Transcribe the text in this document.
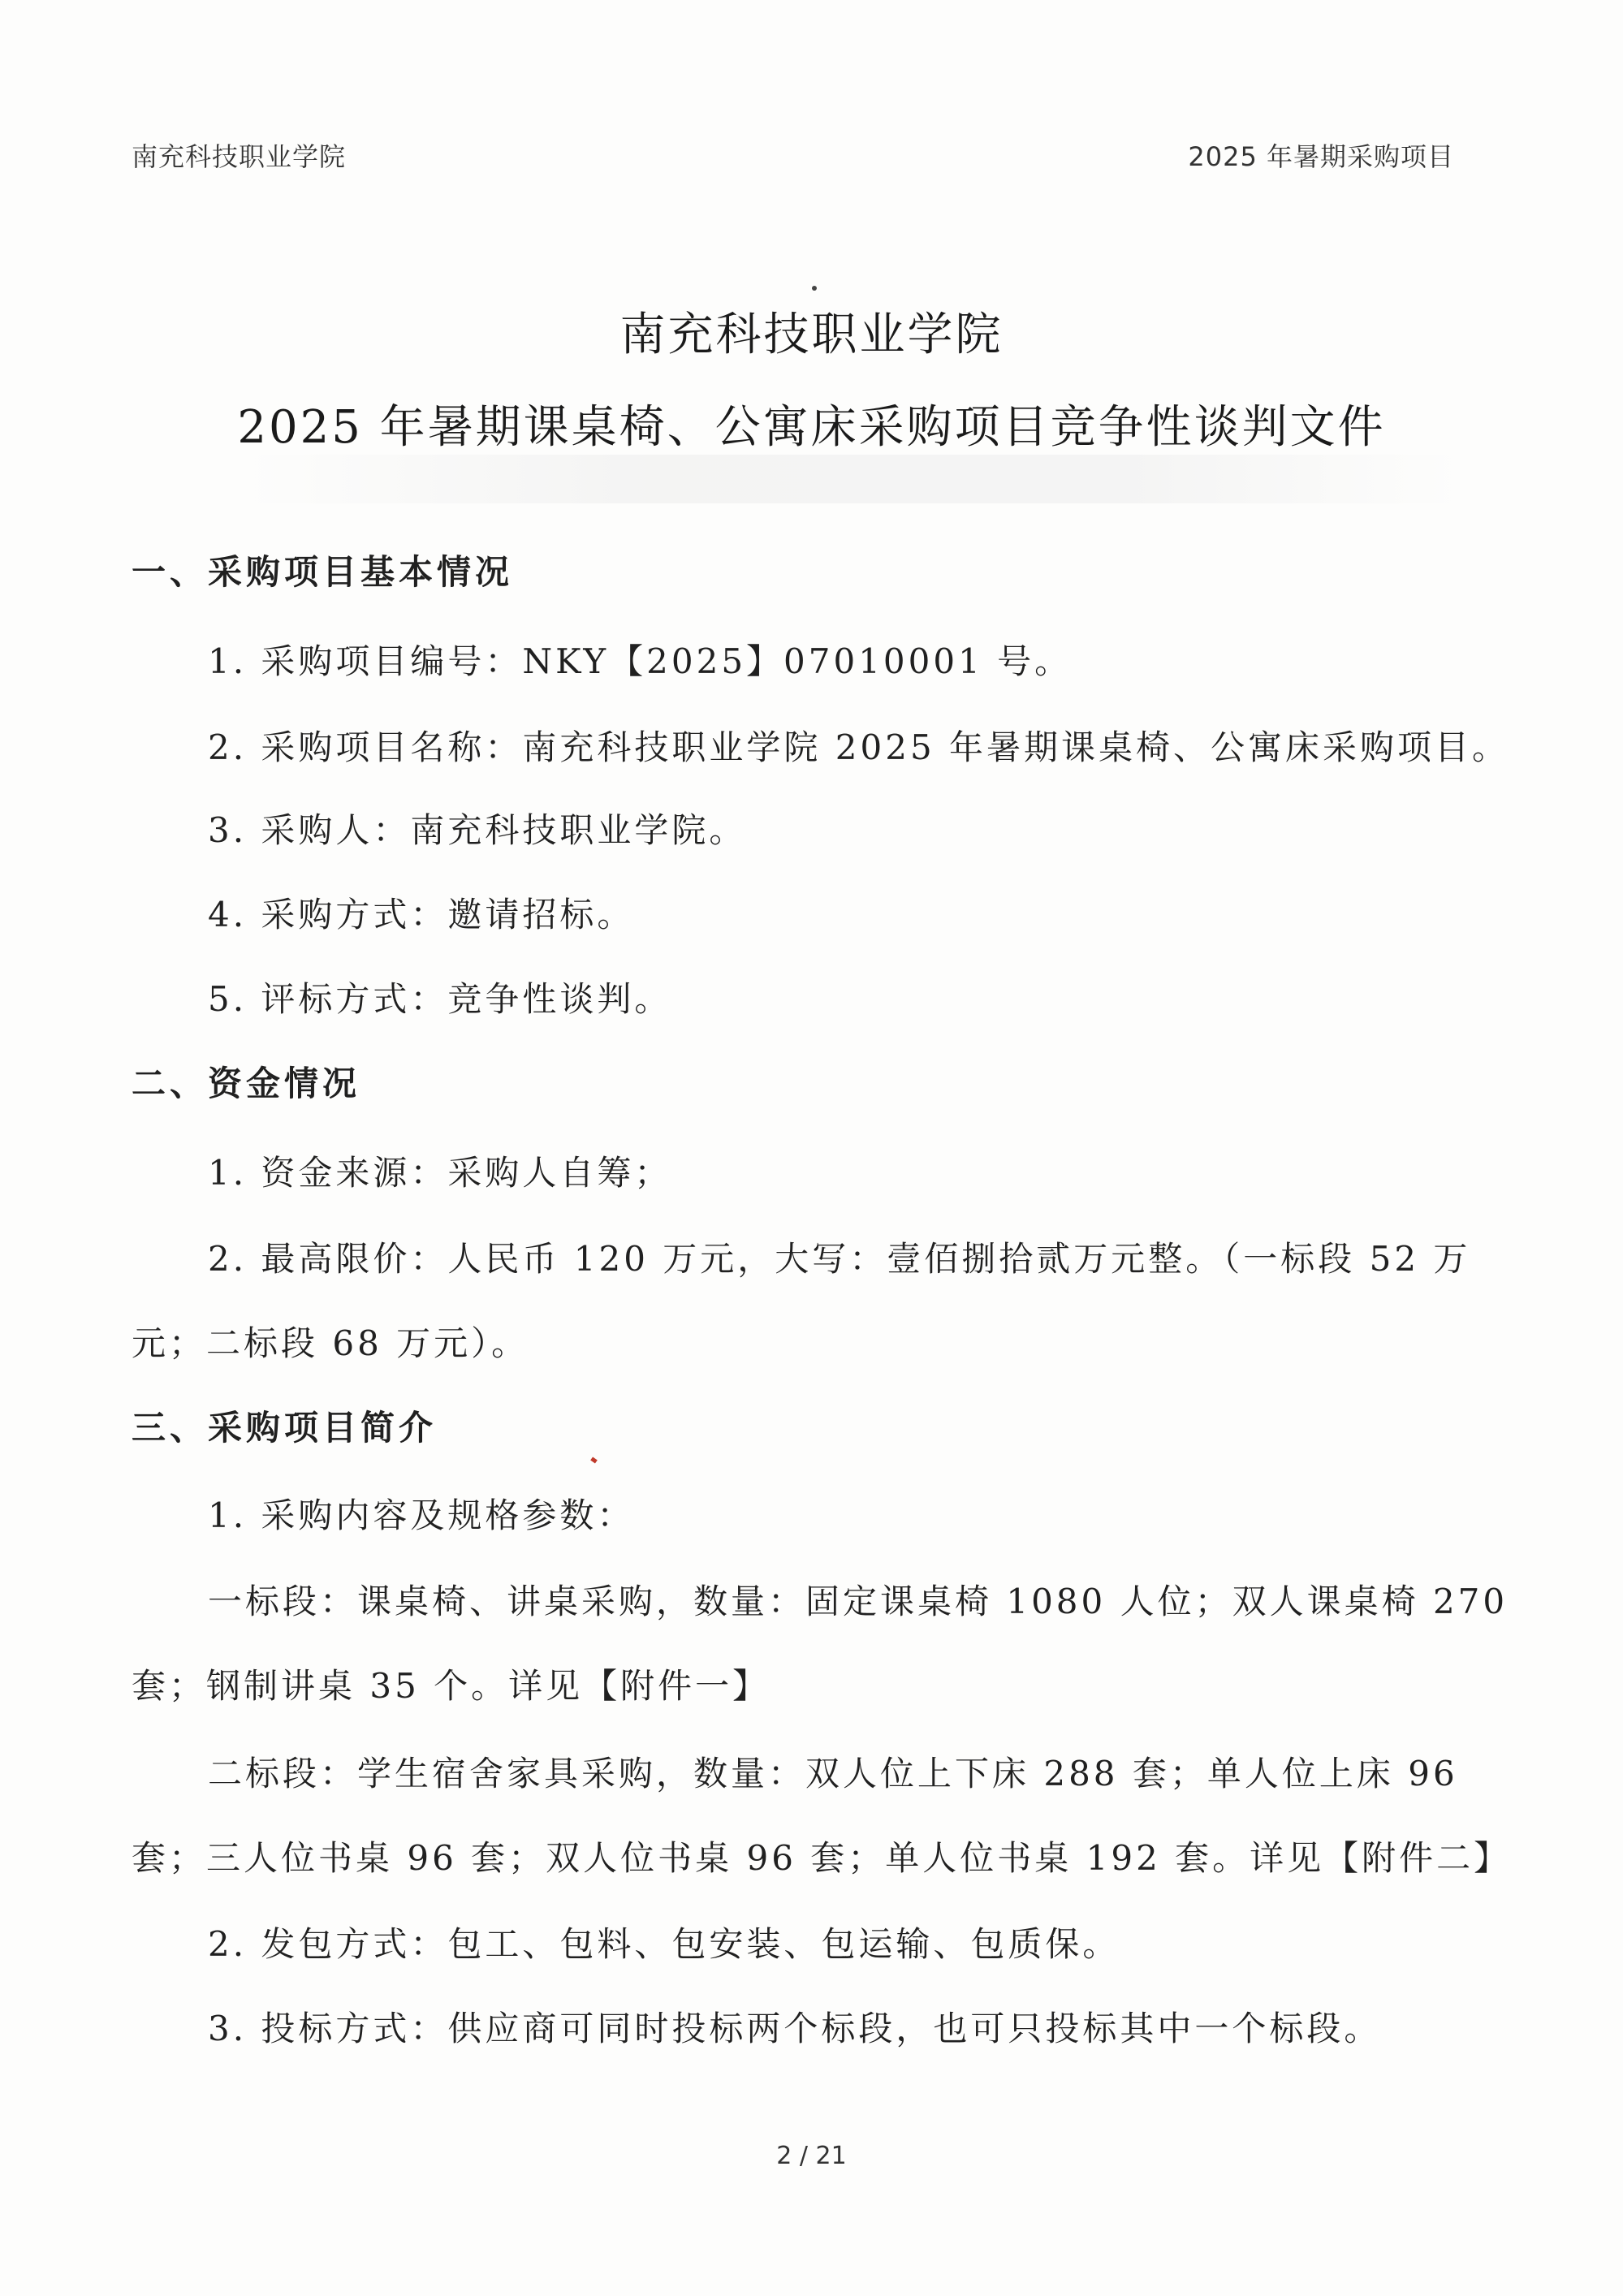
南充科技职业学院	2025 年暑期采购项目
南充科技职业学院
2025 年暑期课桌椅、公寓床采购项目竞争性谈判文件
一、采购项目基本情况
1. 采购项目编号：NKY【2025】07010001 号。
2. 采购项目名称：南充科技职业学院 2025 年暑期课桌椅、公寓床采购项目。
3. 采购人：南充科技职业学院。
4. 采购方式：邀请招标。
5. 评标方式：竞争性谈判。
二、资金情况
1. 资金来源：采购人自筹；
2. 最高限价：人民币 120 万元，大写：壹佰捌拾贰万元整。（一标段 52 万
元；二标段 68 万元）。
三、采购项目简介
1. 采购内容及规格参数：
一标段：课桌椅、讲桌采购，数量：固定课桌椅 1080 人位；双人课桌椅 270
套；钢制讲桌 35 个。详见【附件一】
二标段：学生宿舍家具采购，数量：双人位上下床 288 套；单人位上床 96
套；三人位书桌 96 套；双人位书桌 96 套；单人位书桌 192 套。详见【附件二】
2. 发包方式：包工、包料、包安装、包运输、包质保。
3. 投标方式：供应商可同时投标两个标段，也可只投标其中一个标段。
2 / 21
